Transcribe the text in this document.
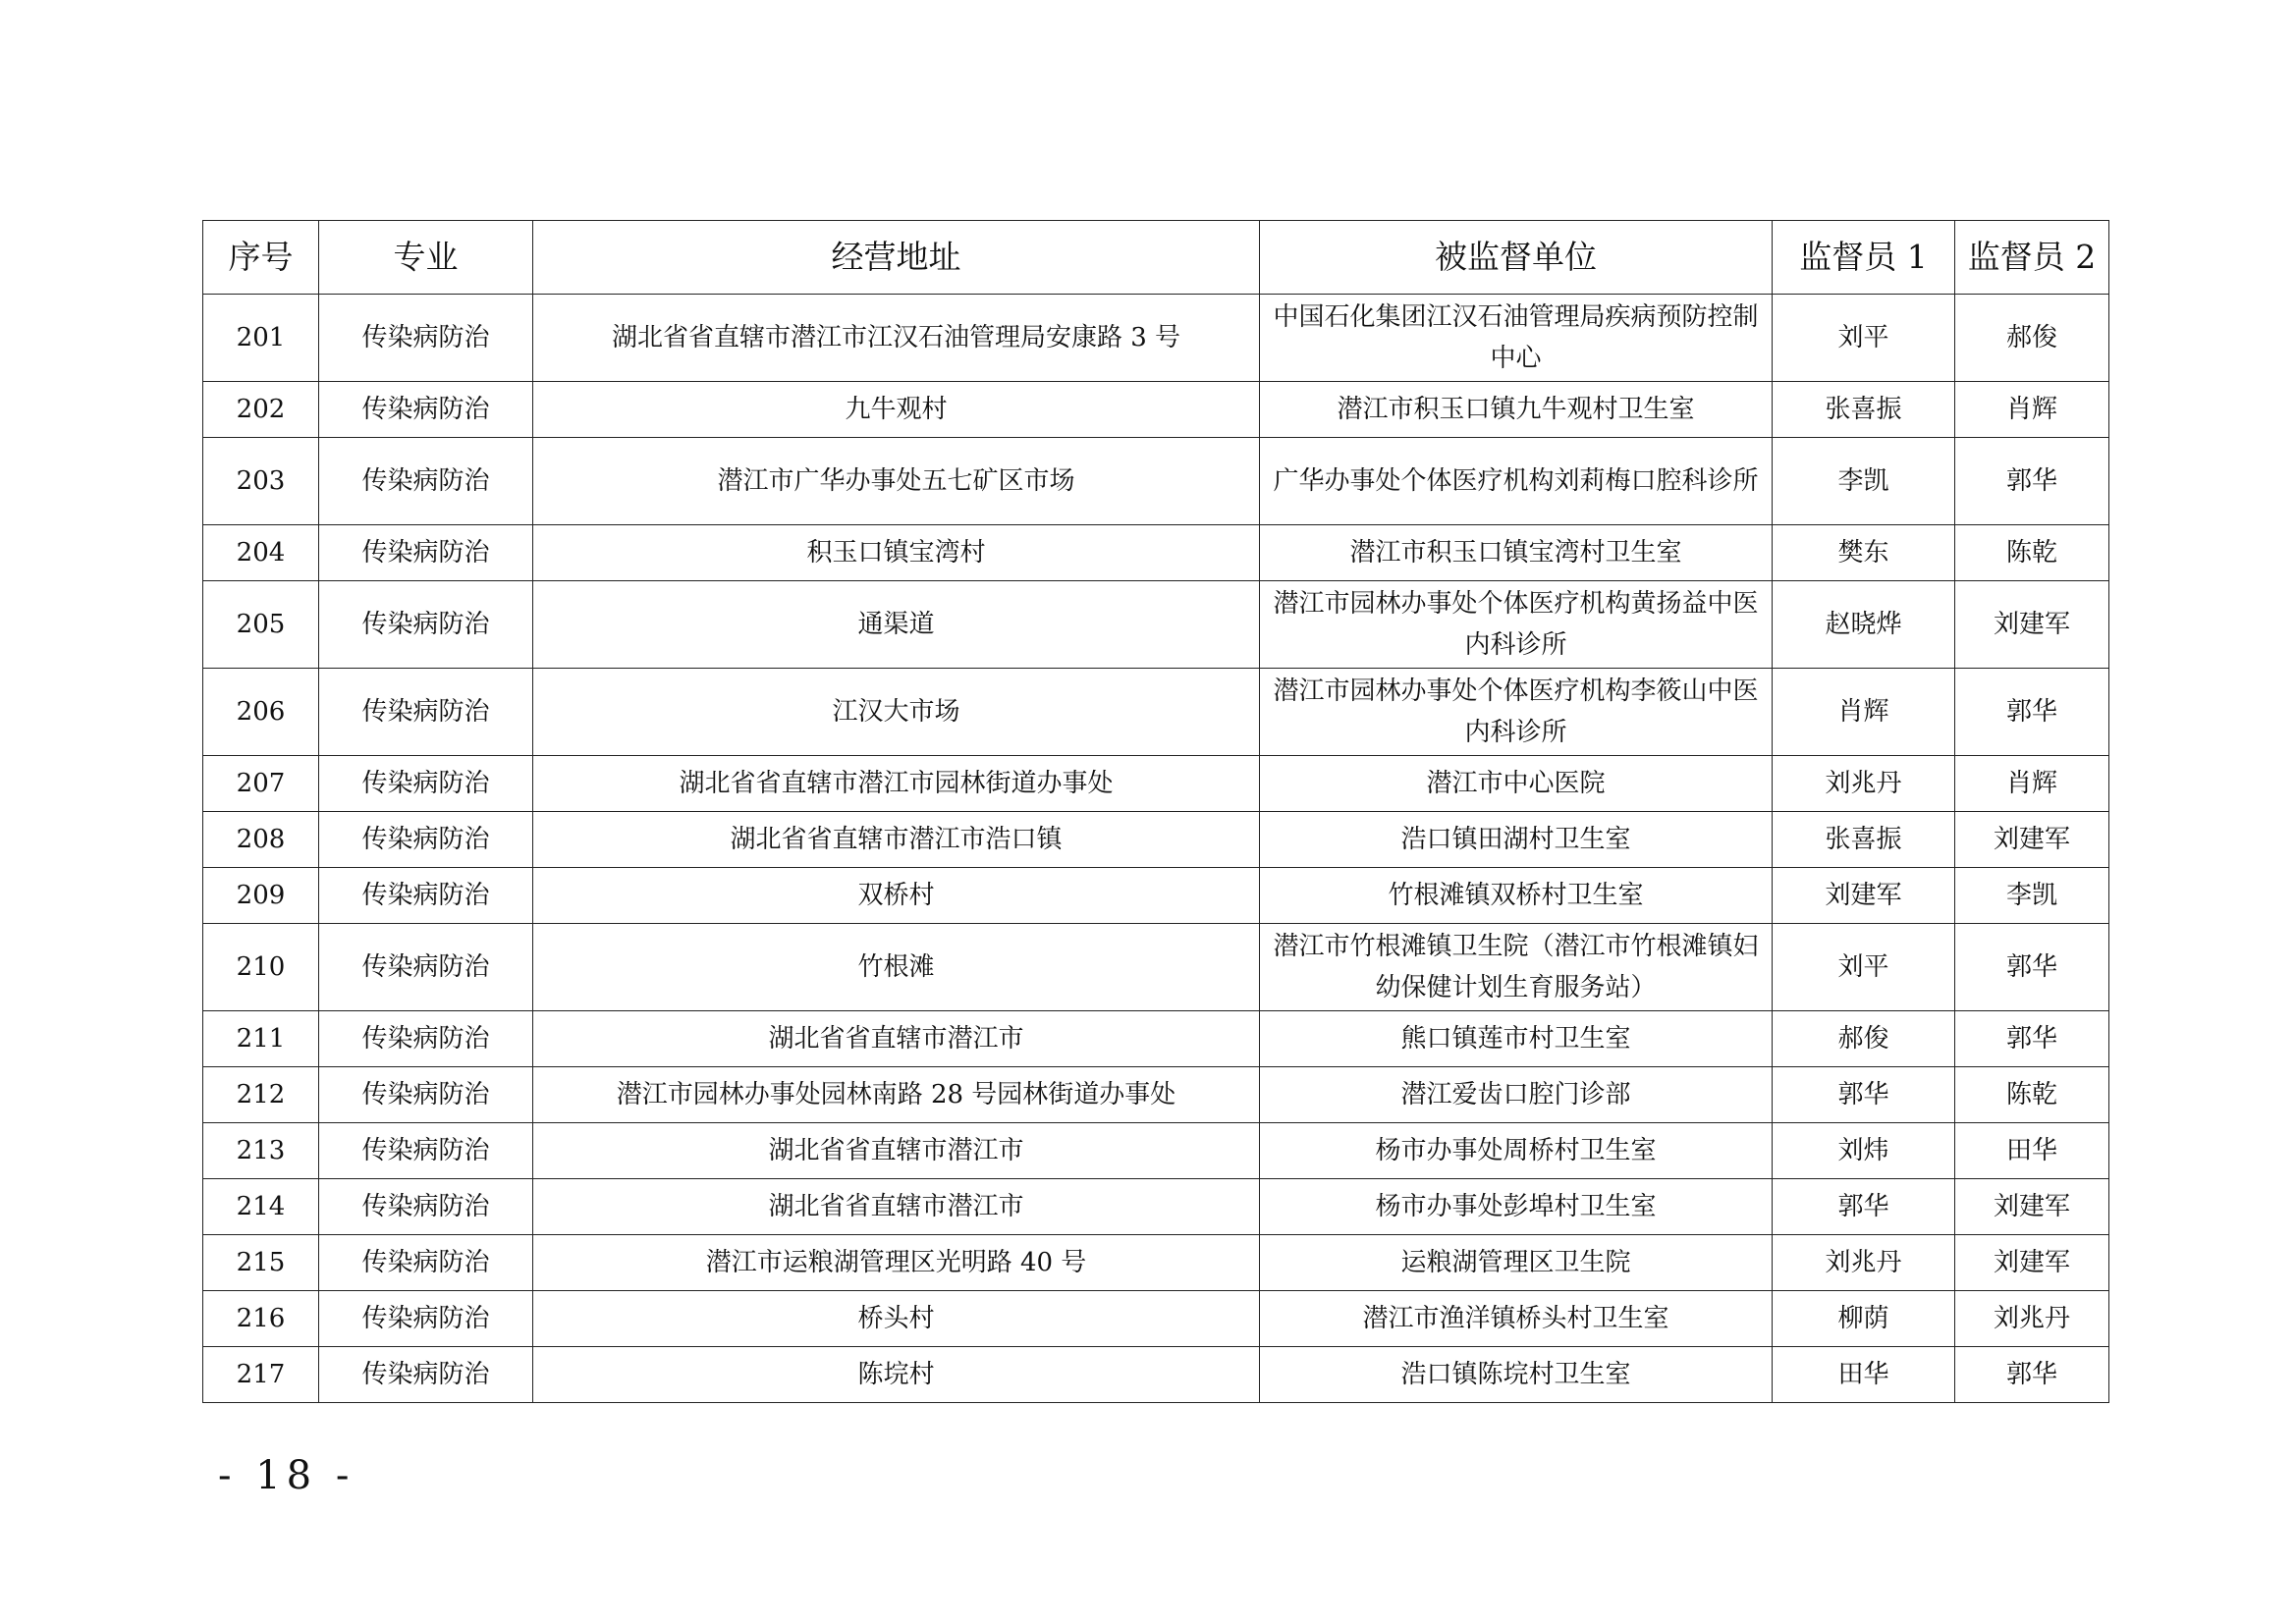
序号	专业	经营地址	被监督单位	监督员 1	监督员 2
201	传染病防治	湖北省省直辖市潜江市江汉石油管理局安康路 3 号	中国石化集团江汉石油管理局疾病预防控制中心	刘平	郝俊
202	传染病防治	九牛观村	潜江市积玉口镇九牛观村卫生室	张喜振	肖辉
203	传染病防治	潜江市广华办事处五七矿区市场	广华办事处个体医疗机构刘莉梅口腔科诊所	李凯	郭华
204	传染病防治	积玉口镇宝湾村	潜江市积玉口镇宝湾村卫生室	樊东	陈乾
205	传染病防治	通渠道	潜江市园林办事处个体医疗机构黄扬益中医内科诊所	赵晓烨	刘建军
206	传染病防治	江汉大市场	潜江市园林办事处个体医疗机构李筱山中医内科诊所	肖辉	郭华
207	传染病防治	湖北省省直辖市潜江市园林街道办事处	潜江市中心医院	刘兆丹	肖辉
208	传染病防治	湖北省省直辖市潜江市浩口镇	浩口镇田湖村卫生室	张喜振	刘建军
209	传染病防治	双桥村	竹根滩镇双桥村卫生室	刘建军	李凯
210	传染病防治	竹根滩	潜江市竹根滩镇卫生院（潜江市竹根滩镇妇幼保健计划生育服务站）	刘平	郭华
211	传染病防治	湖北省省直辖市潜江市	熊口镇莲市村卫生室	郝俊	郭华
212	传染病防治	潜江市园林办事处园林南路 28 号园林街道办事处	潜江爱齿口腔门诊部	郭华	陈乾
213	传染病防治	湖北省省直辖市潜江市	杨市办事处周桥村卫生室	刘炜	田华
214	传染病防治	湖北省省直辖市潜江市	杨市办事处彭埠村卫生室	郭华	刘建军
215	传染病防治	潜江市运粮湖管理区光明路 40 号	运粮湖管理区卫生院	刘兆丹	刘建军
216	传染病防治	桥头村	潜江市渔洋镇桥头村卫生室	柳荫	刘兆丹
217	传染病防治	陈垸村	浩口镇陈垸村卫生室	田华	郭华
- 18 -
